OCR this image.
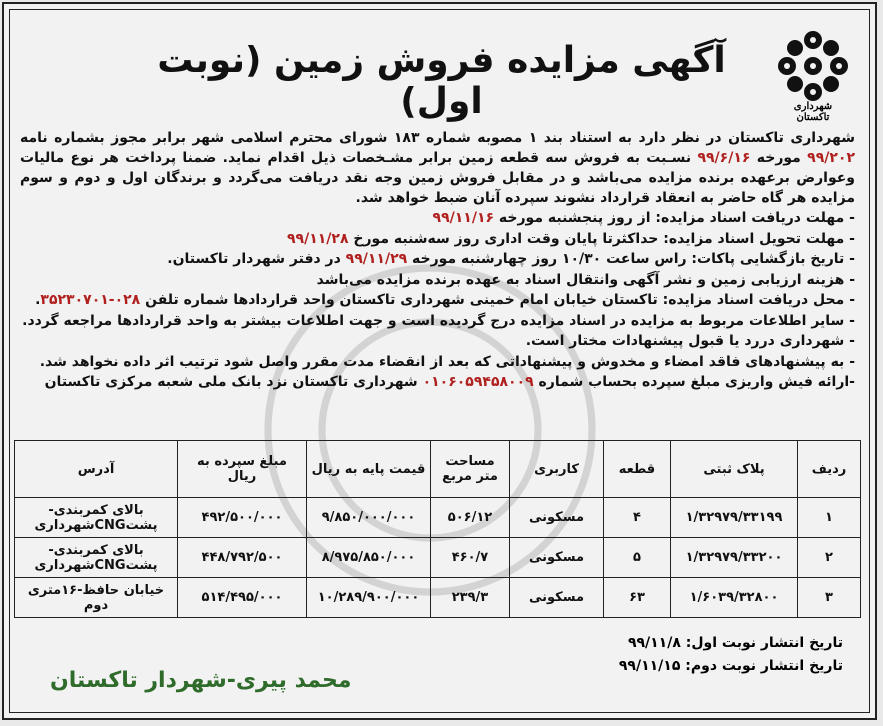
شهرداری تاکستان
آگهی مزایده فروش زمین (نوبت اول)

شهرداری تاکستان در نظر دارد به استناد بند ۱ مصوبه شماره ۱۸۳ شورای محترم اسلامی شهر برابر مجوز بشماره نامه ۹۹/۲۰۲ مورخه ۹۹/۶/۱۶ نسـبت به فروش سه قطعه زمین برابر مشـخصات ذیل اقدام نماید. ضمنا پرداخت هر نوع مالیات وعوارض برعهده برنده مزایده می‌باشد و در مقابل فروش زمین وجه نقد دریافت می‌گردد و برندگان اول و دوم و سوم مزایده هر گاه حاضر به انعقاد قرارداد نشوند سپرده آنان ضبط خواهد شد.

- مهلت دریافت اسناد مزایده: از روز پنجشنبه مورخه ۹۹/۱۱/۱۶
- مهلت تحویل اسناد مزایده: حداکثرتا پایان وقت اداری روز سه‌شنبه مورخ ۹۹/۱۱/۲۸
- تاریخ بازگشایی پاکات: راس ساعت ۱۰/۳۰ روز چهارشنبه مورخه ۹۹/۱۱/۲۹ در دفتر شهردار تاکستان.
- هزینه ارزیابی زمین و نشر آگهی وانتقال اسناد به عهده برنده مزایده می‌باشد
- محل دریافت اسناد مزایده: تاکستان خیابان امام خمینی شهرداری تاکستان واحد قراردادها شماره تلفن ۰۲۸-۳۵۲۳۰۷۰۱.
- سایر اطلاعات مربوط به مزایده در اسناد مزایده درج گردیده است و جهت اطلاعات بیشتر به واحد قراردادها مراجعه گردد.
- شهرداری دررد یا قبول پیشنهادات مختار است.
- به پیشنهادهای فاقد امضاء و مخدوش و پیشنهاداتی که بعد از انقضاء مدت مقرر واصل شود ترتیب اثر داده نخواهد شد.
-ارائه فیش واریزی مبلغ سپرده بحساب شماره ۰۱۰۶۰۵۹۴۵۸۰۰۹ شهرداری تاکستان نزد بانک ملی شعبه مرکزی تاکستان
ردیف	پلاک ثبتی	قطعه	کاربری	مساحت متر مربع	قیمت پایه به ریال	مبلغ سپرده به ریال	آدرس
۱	۱/۳۲۹۷۹/۳۳۱۹۹	۴	مسکونی	۵۰۶/۱۲	۹/۸۵۰/۰۰۰/۰۰۰	۴۹۲/۵۰۰/۰۰۰	بالای کمربندی-پشتCNGشهرداری
۲	۱/۳۲۹۷۹/۳۳۲۰۰	۵	مسکونی	۴۶۰/۷	۸/۹۷۵/۸۵۰/۰۰۰	۴۴۸/۷۹۲/۵۰۰	بالای کمربندی-پشتCNGشهرداری
۳	۱/۶۰۳۹/۳۲۸۰۰	۶۳	مسکونی	۲۳۹/۳	۱۰/۲۸۹/۹۰۰/۰۰۰	۵۱۴/۴۹۵/۰۰۰	خیابان حافظ-۱۶متری دوم
تاریخ انتشار نوبت اول: ۹۹/۱۱/۸
تاریخ انتشار نوبت دوم: ۹۹/۱۱/۱۵
محمد پیری-شهردار تاکستان
